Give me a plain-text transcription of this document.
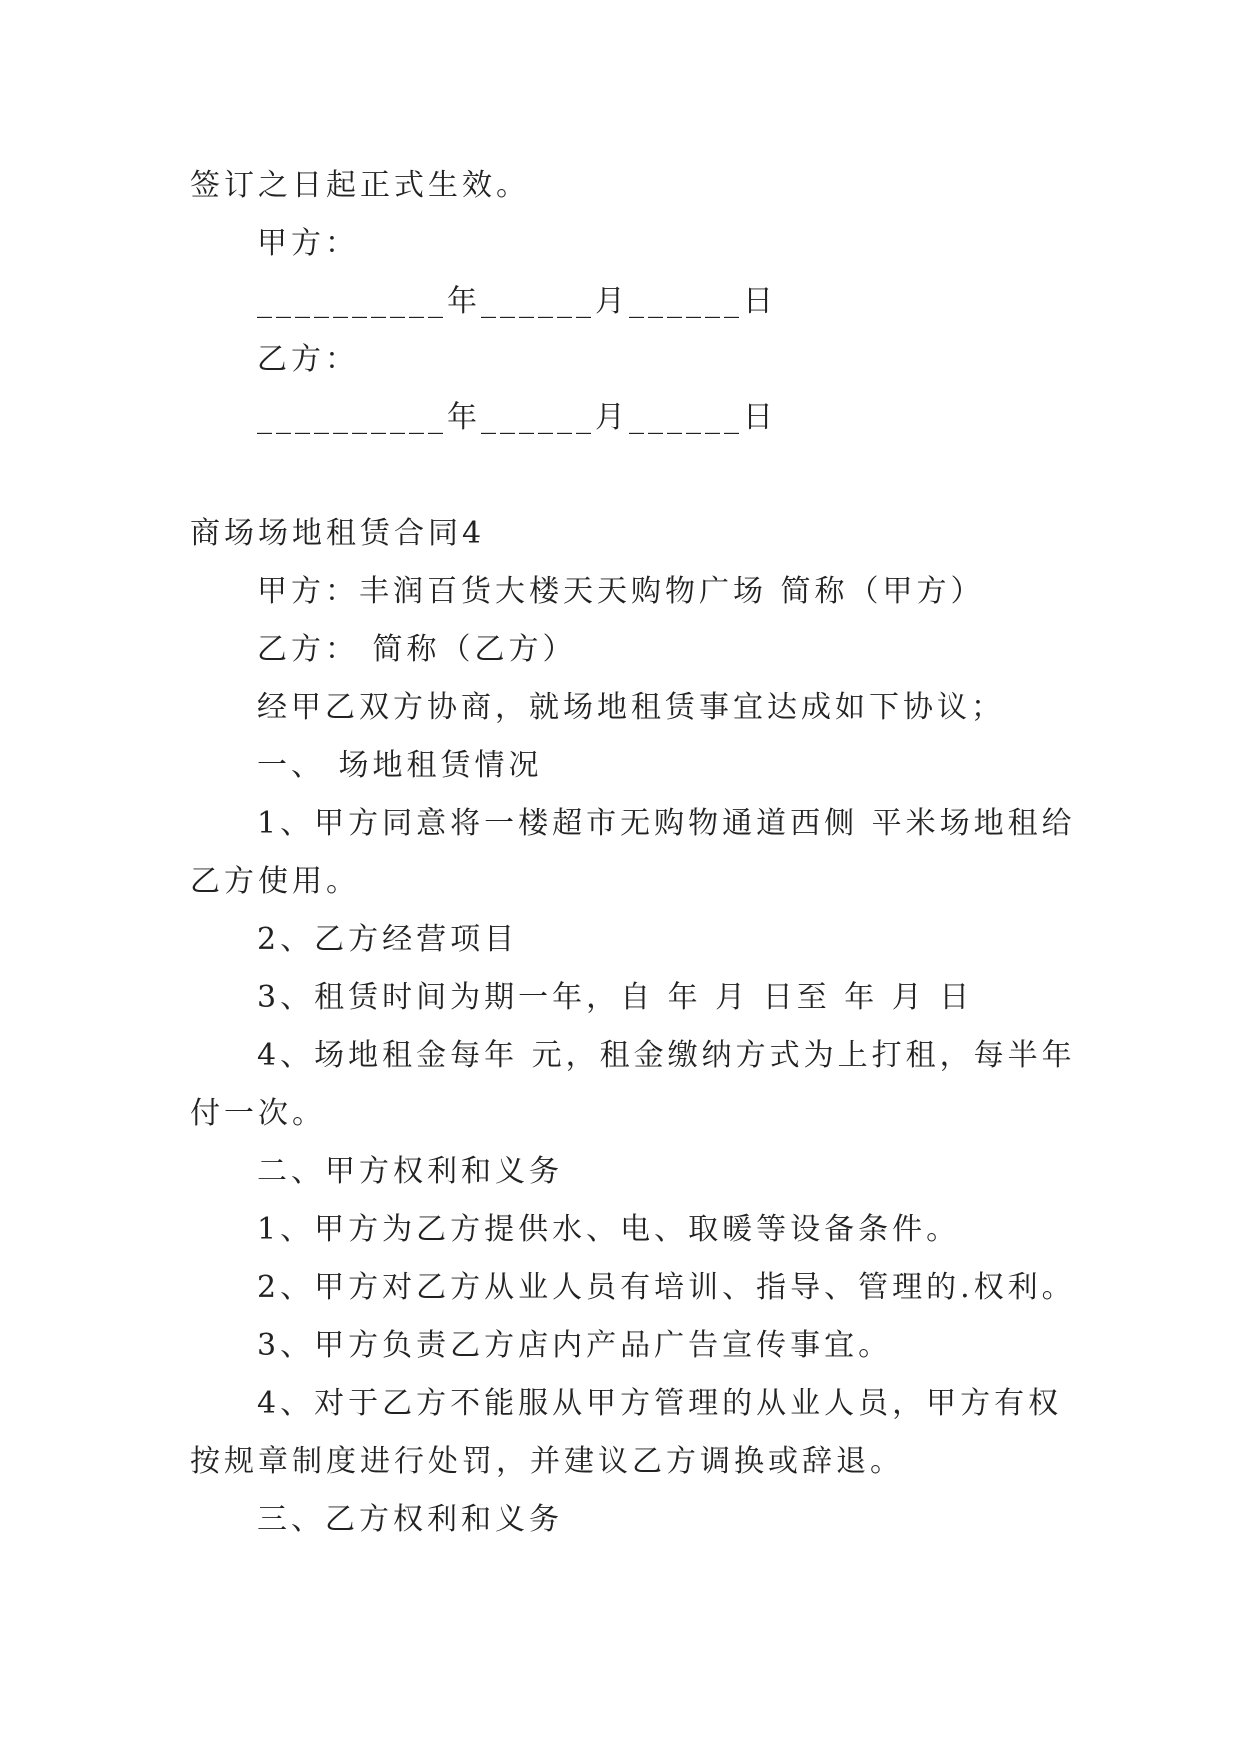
签订之日起正式生效。
甲方：
__________年______月______日
乙方：
__________年______月______日
商场场地租赁合同4
甲方：丰润百货大楼天天购物广场 简称（甲方）
乙方： 简称（乙方）
经甲乙双方协商，就场地租赁事宜达成如下协议；
一、 场地租赁情况
1、甲方同意将一楼超市无购物通道西侧 平米场地租给
乙方使用。
2、乙方经营项目
3、租赁时间为期一年，自 年 月 日至 年 月 日
4、场地租金每年 元，租金缴纳方式为上打租，每半年
付一次。
二、甲方权利和义务
1、甲方为乙方提供水、电、取暖等设备条件。
2、甲方对乙方从业人员有培训、指导、管理的.权利。
3、甲方负责乙方店内产品广告宣传事宜。
4、对于乙方不能服从甲方管理的从业人员，甲方有权
按规章制度进行处罚，并建议乙方调换或辞退。
三、乙方权利和义务
